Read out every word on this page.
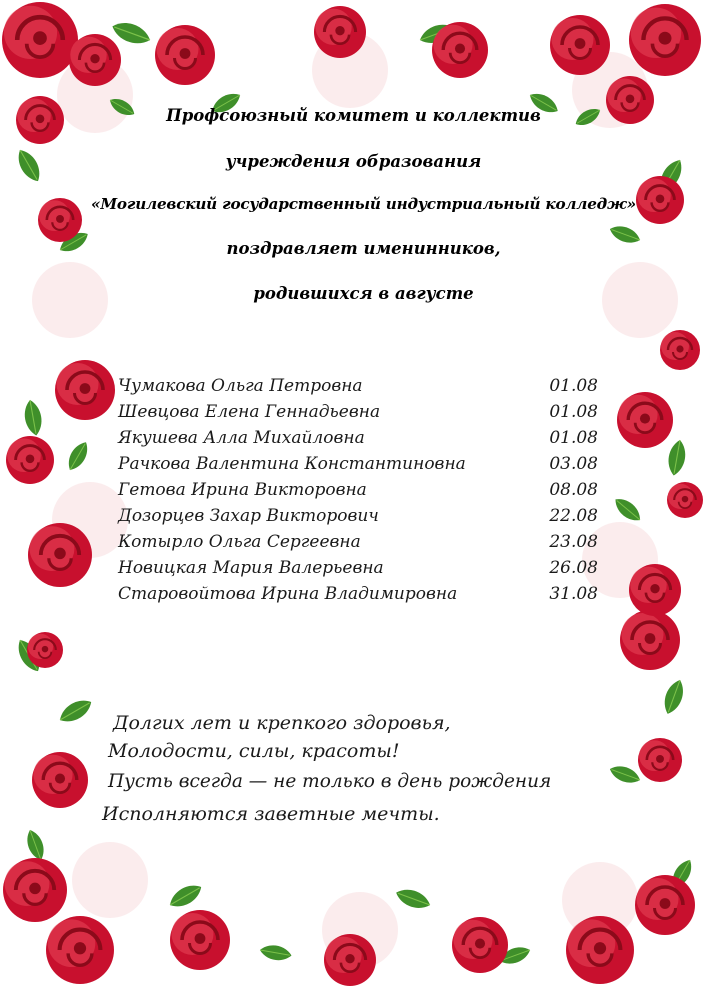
Профсоюзный комитет и коллектив
учреждения образования
«Могилевский государственный индустриальный колледж»
поздравляет именинников,
родившихся в августе
Чумакова Ольга Петровна	01.08
Шевцова Елена Геннадьевна	01.08
Якушева Алла Михайловна	01.08
Рачкова Валентина Константиновна	03.08
Гетова Ирина Викторовна	08.08
Дозорцев Захар Викторович	22.08
Котырло Ольга Сергеевна	23.08
Новицкая Мария Валерьевна	26.08
Старовойтова Ирина Владимировна	31.08
Долгих лет и крепкого здоровья,
Молодости, силы, красоты!
Пусть всегда — не только в день рождения
Исполняются заветные мечты.
